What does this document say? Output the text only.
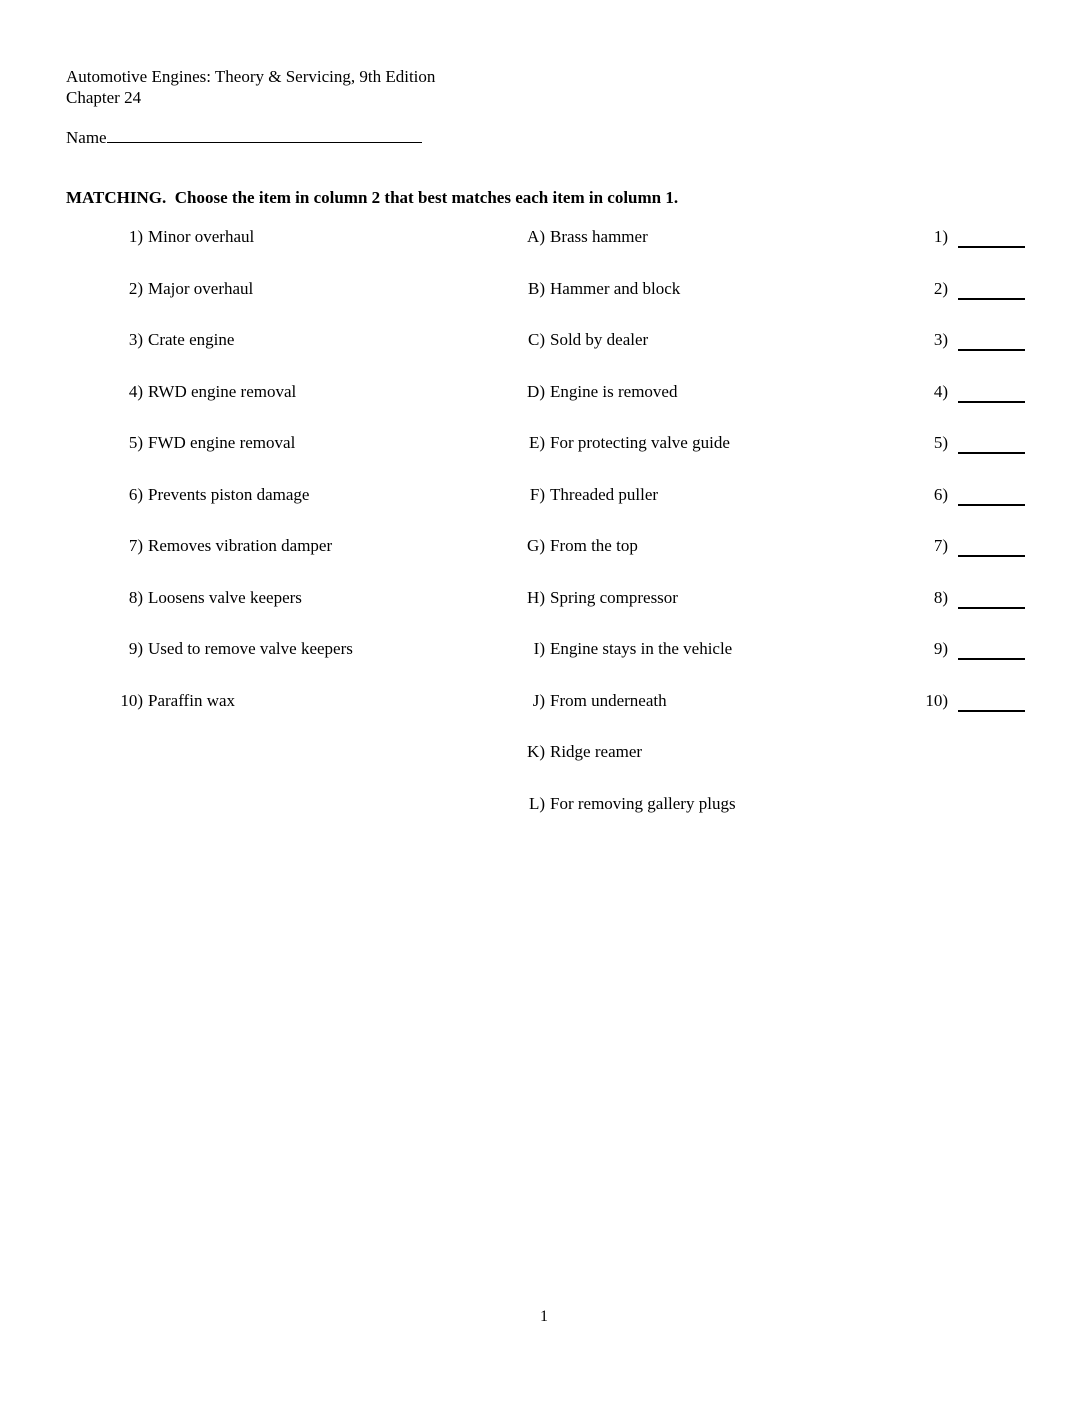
Automotive Engines: Theory & Servicing, 9th Edition
Chapter 24
Name
MATCHING.  Choose the item in column 2 that best matches each item in column 1.
1) Minor overhaul
2) Major overhaul
3) Crate engine
4) RWD engine removal
5) FWD engine removal
6) Prevents piston damage
7) Removes vibration damper
8) Loosens valve keepers
9) Used to remove valve keepers
10) Paraffin wax
A) Brass hammer
B) Hammer and block
C) Sold by dealer
D) Engine is removed
E) For protecting valve guide
F) Threaded puller
G) From the top
H) Spring compressor
I) Engine stays in the vehicle
J) From underneath
K) Ridge reamer
L) For removing gallery plugs
1)
2)
3)
4)
5)
6)
7)
8)
9)
10)
1
